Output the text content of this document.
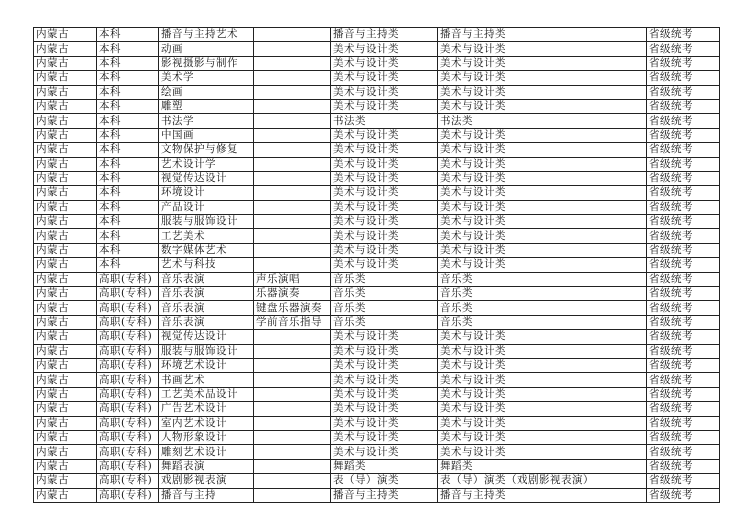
内蒙古	本科	播音与主持艺术		播音与主持类	播音与主持类	省级统考
内蒙古	本科	动画		美术与设计类	美术与设计类	省级统考
内蒙古	本科	影视摄影与制作		美术与设计类	美术与设计类	省级统考
内蒙古	本科	美术学		美术与设计类	美术与设计类	省级统考
内蒙古	本科	绘画		美术与设计类	美术与设计类	省级统考
内蒙古	本科	雕塑		美术与设计类	美术与设计类	省级统考
内蒙古	本科	书法学		书法类	书法类	省级统考
内蒙古	本科	中国画		美术与设计类	美术与设计类	省级统考
内蒙古	本科	文物保护与修复		美术与设计类	美术与设计类	省级统考
内蒙古	本科	艺术设计学		美术与设计类	美术与设计类	省级统考
内蒙古	本科	视觉传达设计		美术与设计类	美术与设计类	省级统考
内蒙古	本科	环境设计		美术与设计类	美术与设计类	省级统考
内蒙古	本科	产品设计		美术与设计类	美术与设计类	省级统考
内蒙古	本科	服装与服饰设计		美术与设计类	美术与设计类	省级统考
内蒙古	本科	工艺美术		美术与设计类	美术与设计类	省级统考
内蒙古	本科	数字媒体艺术		美术与设计类	美术与设计类	省级统考
内蒙古	本科	艺术与科技		美术与设计类	美术与设计类	省级统考
内蒙古	高职(专科)	音乐表演	声乐演唱	音乐类	音乐类	省级统考
内蒙古	高职(专科)	音乐表演	乐器演奏	音乐类	音乐类	省级统考
内蒙古	高职(专科)	音乐表演	键盘乐器演奏	音乐类	音乐类	省级统考
内蒙古	高职(专科)	音乐表演	学前音乐指导	音乐类	音乐类	省级统考
内蒙古	高职(专科)	视觉传达设计		美术与设计类	美术与设计类	省级统考
内蒙古	高职(专科)	服装与服饰设计		美术与设计类	美术与设计类	省级统考
内蒙古	高职(专科)	环境艺术设计		美术与设计类	美术与设计类	省级统考
内蒙古	高职(专科)	书画艺术		美术与设计类	美术与设计类	省级统考
内蒙古	高职(专科)	工艺美术品设计		美术与设计类	美术与设计类	省级统考
内蒙古	高职(专科)	广告艺术设计		美术与设计类	美术与设计类	省级统考
内蒙古	高职(专科)	室内艺术设计		美术与设计类	美术与设计类	省级统考
内蒙古	高职(专科)	人物形象设计		美术与设计类	美术与设计类	省级统考
内蒙古	高职(专科)	雕刻艺术设计		美术与设计类	美术与设计类	省级统考
内蒙古	高职(专科)	舞蹈表演		舞蹈类	舞蹈类	省级统考
内蒙古	高职(专科)	戏剧影视表演		表（导）演类	表（导）演类（戏剧影视表演）	省级统考
内蒙古	高职(专科)	播音与主持		播音与主持类	播音与主持类	省级统考
